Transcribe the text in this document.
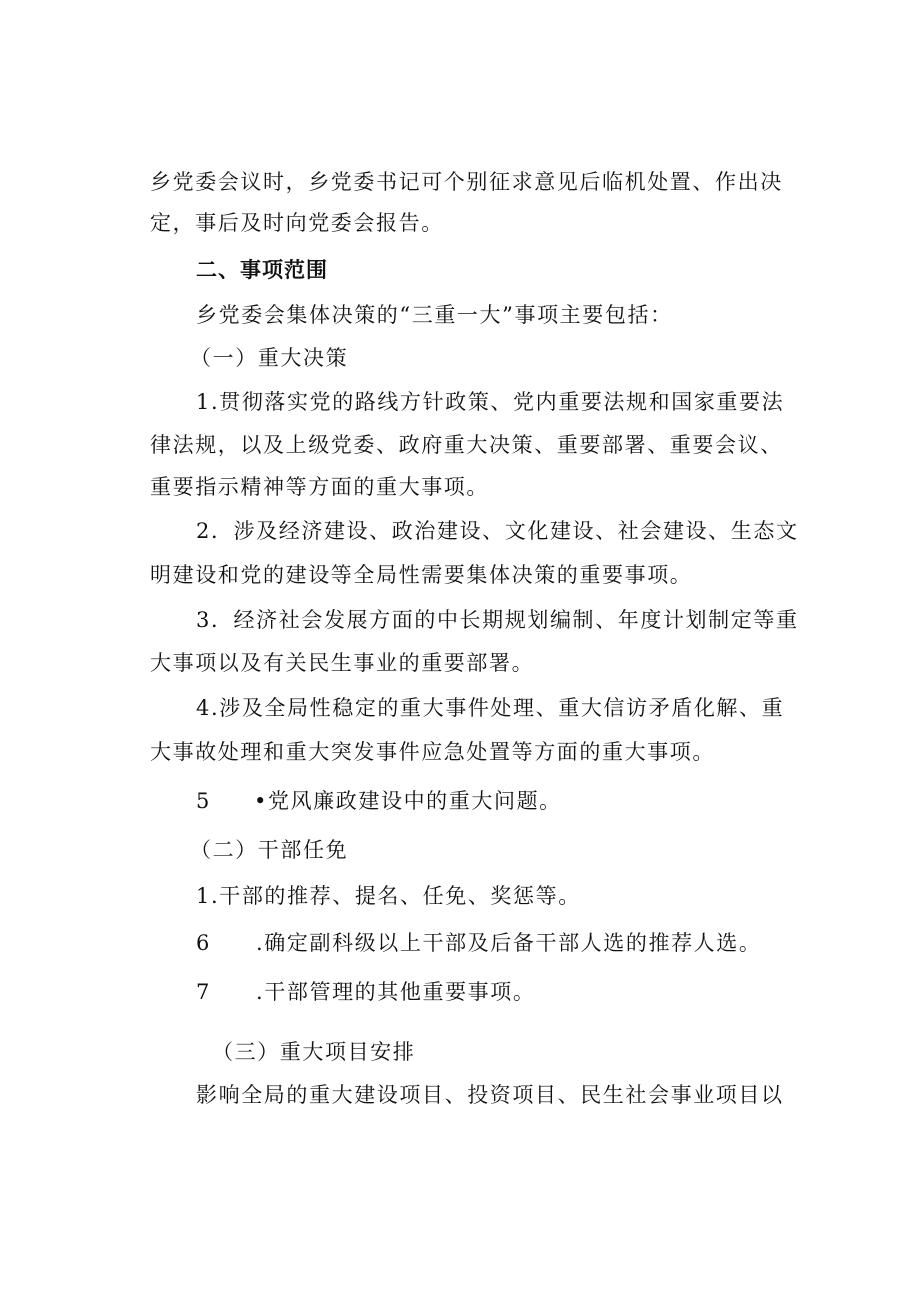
乡党委会议时，乡党委书记可个别征求意见后临机处置、作出决
定，事后及时向党委会报告。
二、事项范围
乡党委会集体决策的“三重一大”事项主要包括：
（一）重大决策
1.贯彻落实党的路线方针政策、党内重要法规和国家重要法
律法规，以及上级党委、政府重大决策、重要部署、重要会议、
重要指示精神等方面的重大事项。
2．涉及经济建设、政治建设、文化建设、社会建设、生态文
明建设和党的建设等全局性需要集体决策的重要事项。
3．经济社会发展方面的中长期规划编制、年度计划制定等重
大事项以及有关民生事业的重要部署。
4.涉及全局性稳定的重大事件处理、重大信访矛盾化解、重
大事故处理和重大突发事件应急处置等方面的重大事项。
5 •党风廉政建设中的重大问题。
（二）干部任免
1.干部的推荐、提名、任免、奖惩等。
6 .确定副科级以上干部及后备干部人选的推荐人选。
7 .干部管理的其他重要事项。
（三）重大项目安排
影响全局的重大建设项目、投资项目、民生社会事业项目以
